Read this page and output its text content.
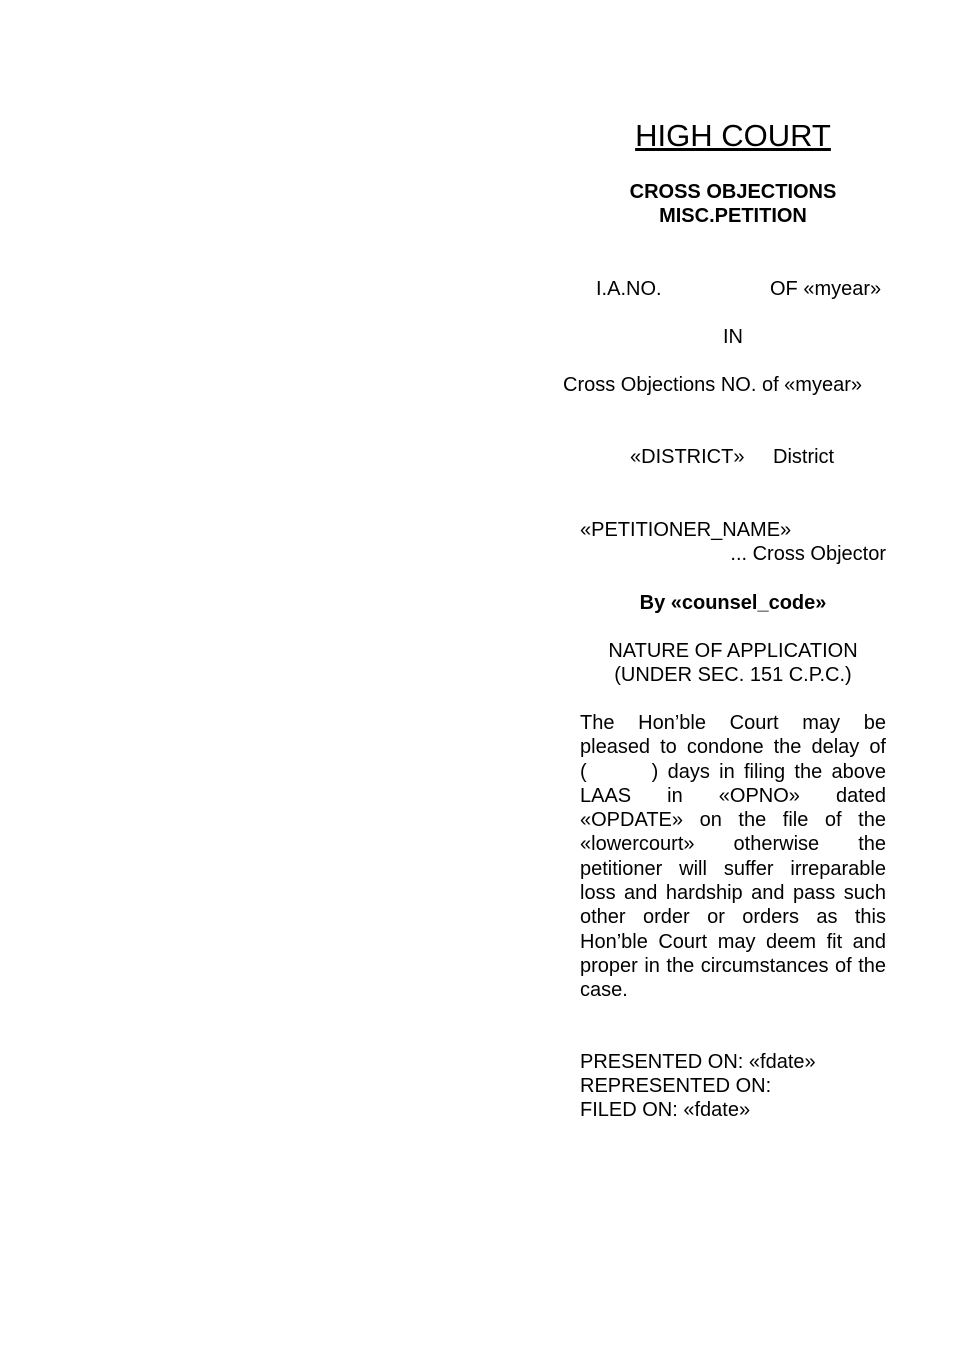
HIGH COURT
CROSS OBJECTIONS
MISC.PETITION
I.A.NO.	OF «myear»
IN
Cross Objections NO. of «myear»
«DISTRICT» District
«PETITIONER_NAME»
... Cross Objector
By «counsel_code»
NATURE OF APPLICATION
(UNDER SEC. 151 C.P.C.)
The Hon’ble Court may be pleased to condone the delay of (       ) days in filing the above LAAS in «OPNO» dated «OPDATE» on the file of the «lowercourt» otherwise the petitioner will suffer irreparable loss and hardship and pass such other order or orders as this Hon’ble Court may deem fit and proper in the circumstances of the case.
PRESENTED ON: «fdate»
REPRESENTED ON:
FILED ON: «fdate»
